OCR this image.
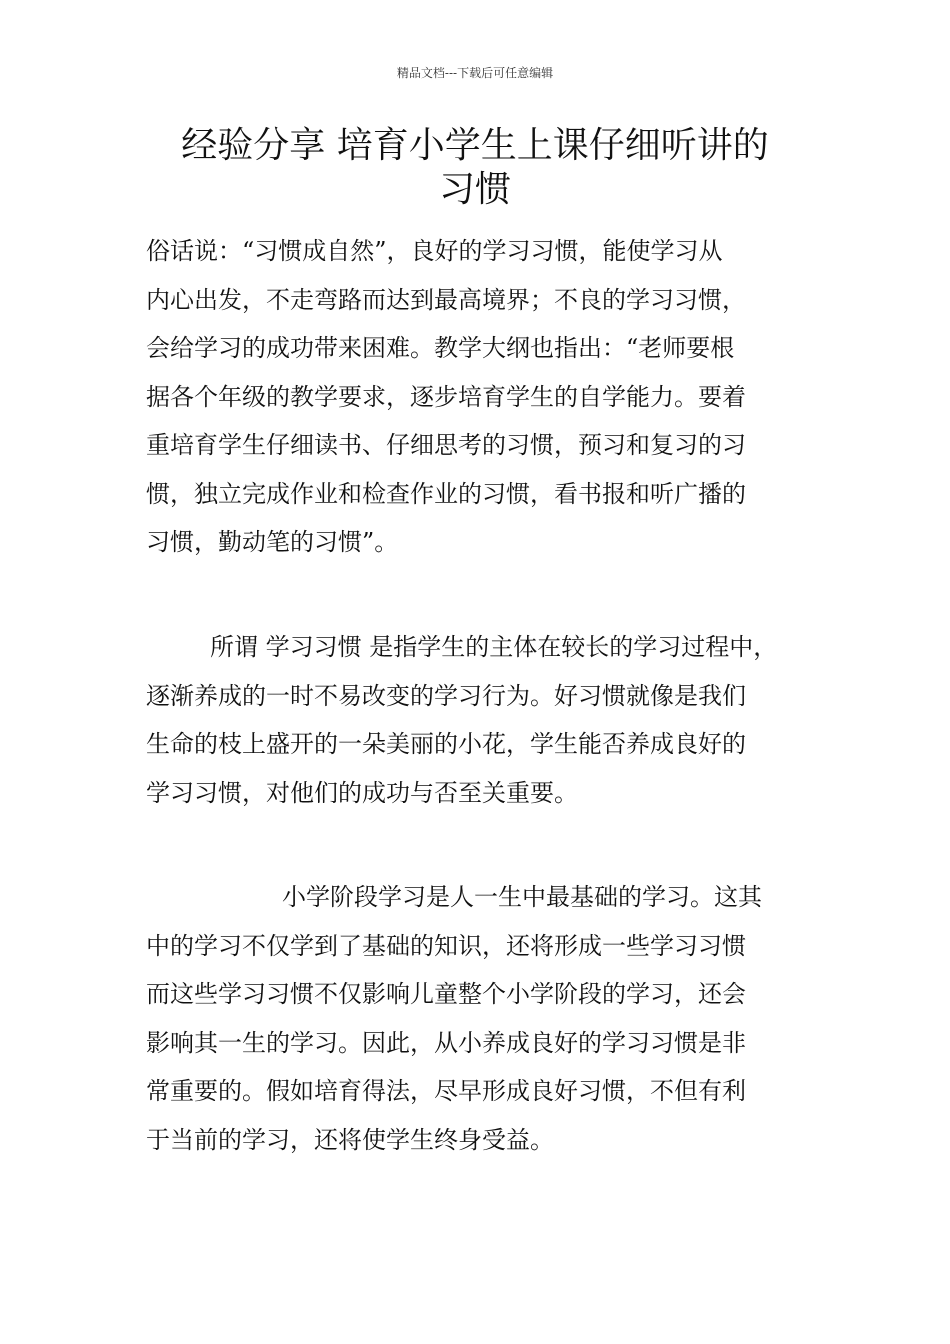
精品文档---下载后可任意编辑
经验分享 培育小学生上课仔细听讲的
习惯
俗话说：“习惯成自然”，良好的学习习惯，能使学习从
内心出发，不走弯路而达到最高境界；不良的学习习惯，
会给学习的成功带来困难。教学大纲也指出：“老师要根
据各个年级的教学要求，逐步培育学生的自学能力。要着
重培育学生仔细读书、仔细思考的习惯，预习和复习的习
惯，独立完成作业和检查作业的习惯，看书报和听广播的
习惯，勤动笔的习惯”。
所谓 学习习惯 是指学生的主体在较长的学习过程中，
逐渐养成的一时不易改变的学习行为。好习惯就像是我们
生命的枝上盛开的一朵美丽的小花，学生能否养成良好的
学习习惯，对他们的成功与否至关重要。
小学阶段学习是人一生中最基础的学习。这其
中的学习不仅学到了基础的知识，还将形成一些学习习惯
而这些学习习惯不仅影响儿童整个小学阶段的学习，还会
影响其一生的学习。因此，从小养成良好的学习习惯是非
常重要的。假如培育得法，尽早形成良好习惯，不但有利
于当前的学习，还将使学生终身受益。
